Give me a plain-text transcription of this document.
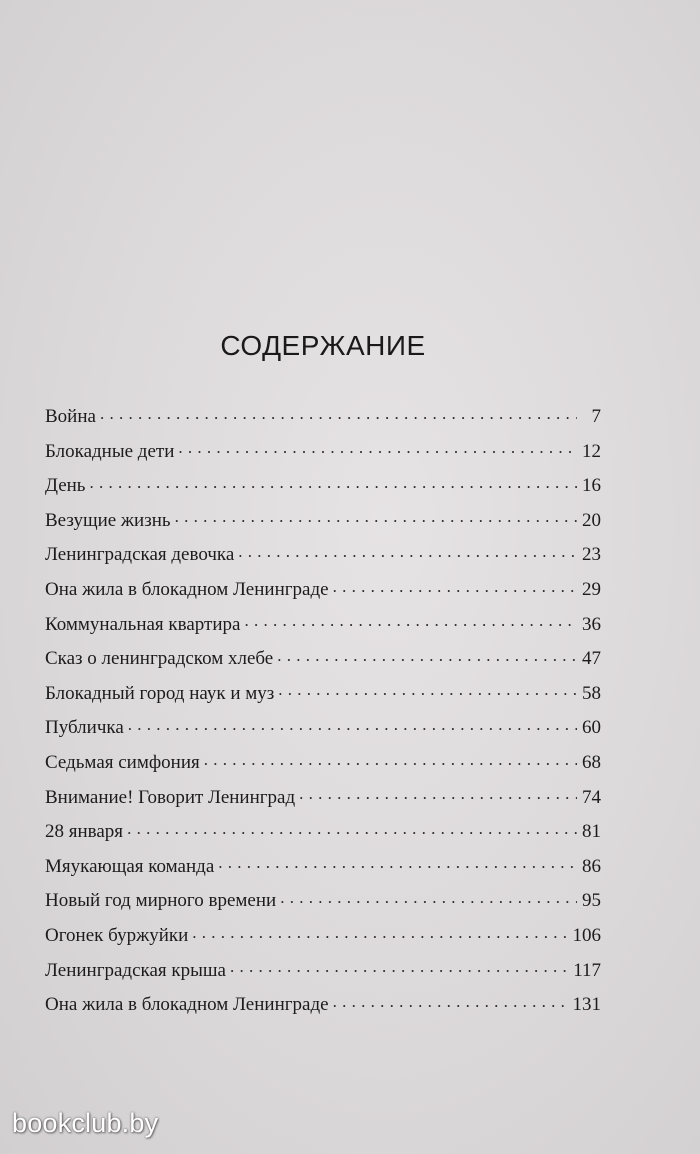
СОДЕРЖАНИЕ
Война . . .	7
Блокадные дети . . .	12
День . . .	16
Везущие жизнь . . .	20
Ленинградская девочка . . .	23
Она жила в блокадном Ленинграде . . .	29
Коммунальная квартира . . .	36
Сказ о ленинградском хлебе . . .	47
Блокадный город наук и муз . . .	58
Публичка . . .	60
Седьмая симфония . . .	68
Внимание! Говорит Ленинград . . .	74
28 января . . .	81
Мяукающая команда . . .	86
Новый год мирного времени . . .	95
Огонек буржуйки . . .	106
Ленинградская крыша . . .	117
Она жила в блокадном Ленинграде . . .	131
bookclub.by
